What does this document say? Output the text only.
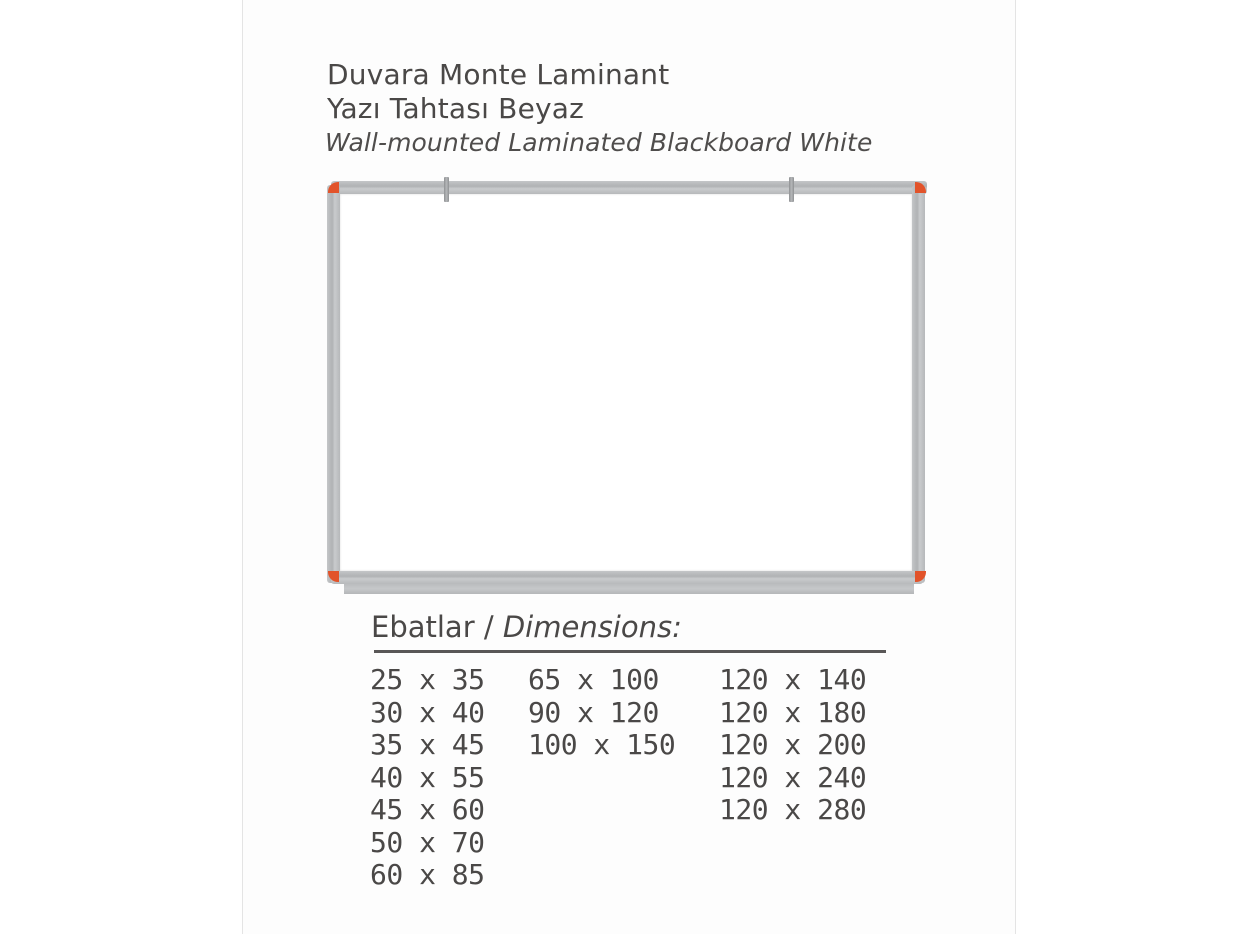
Duvara Monte Laminant
Yazı Tahtası Beyaz
Wall-mounted Laminated Blackboard White
Ebatlar / Dimensions:
25 x 35
30 x 40
35 x 45
40 x 55
45 x 60
50 x 70
60 x 85
65 x 100
90 x 120
100 x 150
120 x 140
120 x 180
120 x 200
120 x 240
120 x 280
